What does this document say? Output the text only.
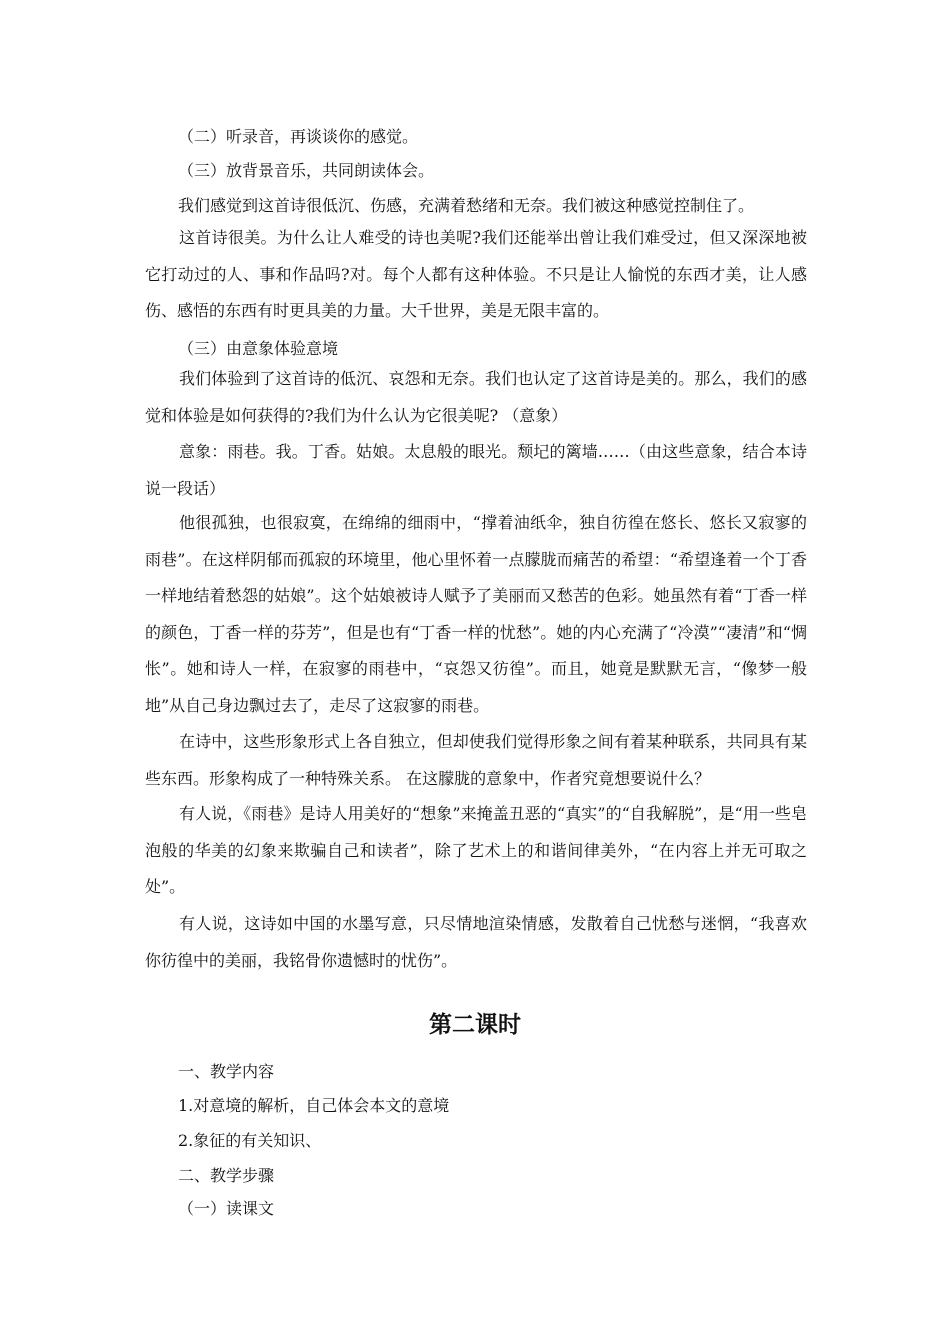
（二）听录音，再谈谈你的感觉。

（三）放背景音乐，共同朗读体会。

我们感觉到这首诗很低沉、伤感，充满着愁绪和无奈。我们被这种感觉控制住了。

这首诗很美。为什么让人难受的诗也美呢?我们还能举出曾让我们难受过，但又深深地被它打动过的人、事和作品吗?对。每个人都有这种体验。不只是让人愉悦的东西才美，让人感伤、感悟的东西有时更具美的力量。大千世界，美是无限丰富的。

（三）由意象体验意境

我们体验到了这首诗的低沉、哀怨和无奈。我们也认定了这首诗是美的。那么，我们的感觉和体验是如何获得的?我们为什么认为它很美呢? （意象）

意象：雨巷。我。丁香。姑娘。太息般的眼光。颓圮的篱墙……（由这些意象，结合本诗说一段话）

他很孤独，也很寂寞，在绵绵的细雨中，“撑着油纸伞，独自彷徨在悠长、悠长又寂寥的雨巷”。在这样阴郁而孤寂的环境里，他心里怀着一点朦胧而痛苦的希望：“希望逢着一个丁香一样地结着愁怨的姑娘”。这个姑娘被诗人赋予了美丽而又愁苦的色彩。她虽然有着“丁香一样的颜色，丁香一样的芬芳”，但是也有“丁香一样的忧愁”。她的内心充满了“冷漠”“凄清”和“惆怅”。她和诗人一样，在寂寥的雨巷中，“哀怨又彷徨”。而且，她竟是默默无言，“像梦一般地”从自己身边飘过去了，走尽了这寂寥的雨巷。

在诗中，这些形象形式上各自独立，但却使我们觉得形象之间有着某种联系，共同具有某些东西。形象构成了一种特殊关系。 在这朦胧的意象中，作者究竟想要说什么？

有人说，《雨巷》是诗人用美好的“想象”来掩盖丑恶的“真实”的“自我解脱”，是“用一些皂泡般的华美的幻象来欺骗自己和读者”，除了艺术上的和谐间律美外，“在内容上并无可取之处”。

有人说，这诗如中国的水墨写意，只尽情地渲染情感，发散着自己忧愁与迷惘，“我喜欢你彷徨中的美丽，我铭骨你遗憾时的忧伤”。

第二课时

一、教学内容

1.对意境的解析，自己体会本文的意境

2.象征的有关知识、

二、教学步骤

（一）读课文
